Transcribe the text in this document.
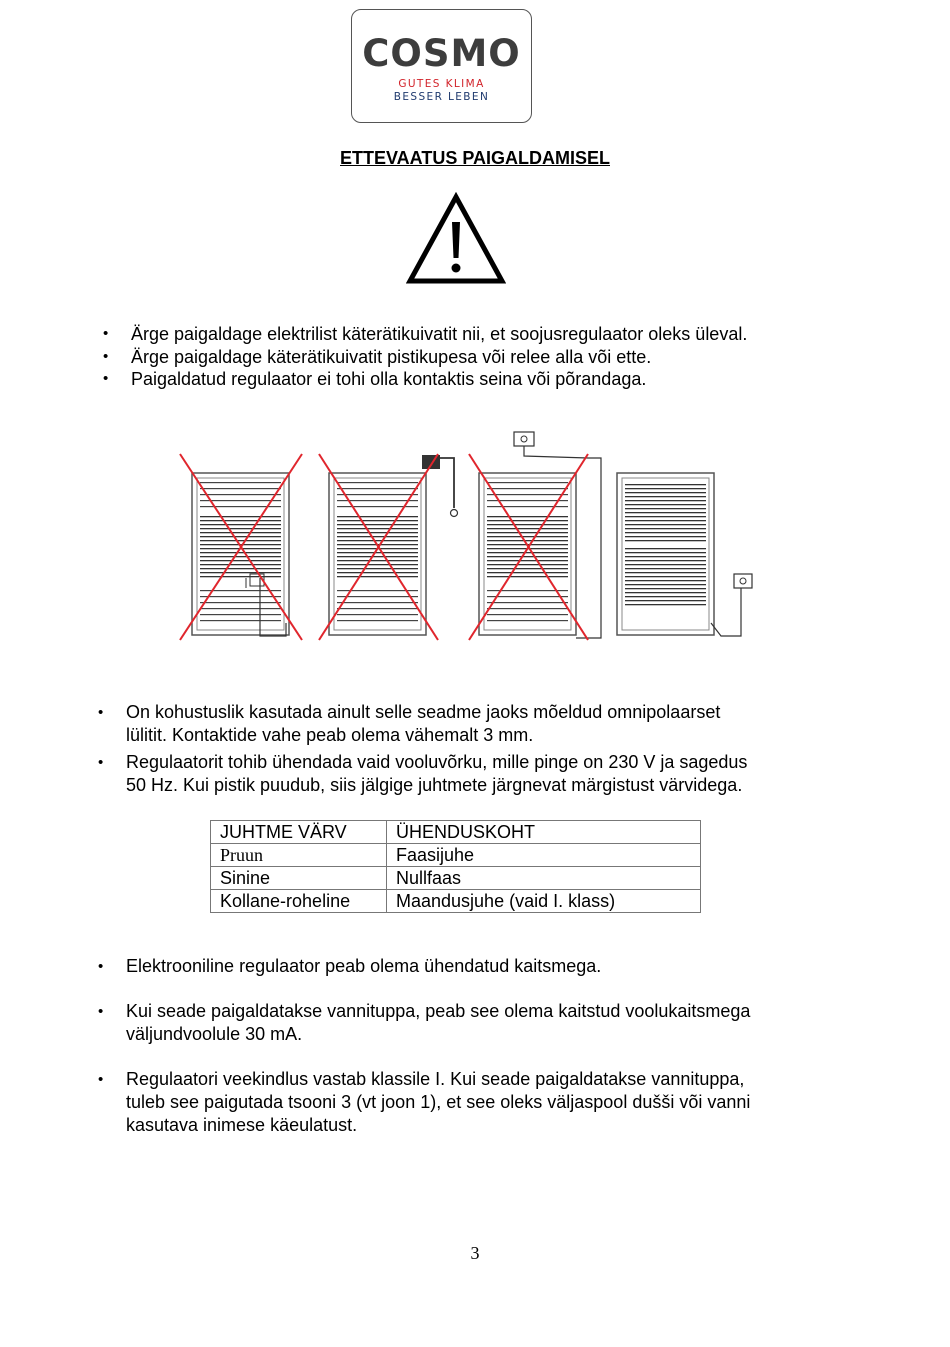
COSMO
GUTES KLIMA
BESSER LEBEN
ETTEVAATUS PAIGALDAMISEL
• Ärge paigaldage elektrilist käterätikuivatit nii, et soojusregulaator oleks üleval.
• Ärge paigaldage käterätikuivatit pistikupesa või relee alla või ette.
• Paigaldatud regulaator ei tohi olla kontaktis seina või põrandaga.
• On kohustuslik kasutada ainult selle seadme jaoks mõeldud omnipolaarset
lülitit. Kontaktide vahe peab olema vähemalt 3 mm.
• Regulaatorit tohib ühendada vaid vooluvõrku, mille pinge on 230 V ja sagedus
50 Hz. Kui pistik puudub, siis jälgige juhtmete järgnevat märgistust värvidega.
JUHTME VÄRV	ÜHENDUSKOHT
Pruun	Faasijuhe
Sinine	Nullfaas
Kollane-roheline	Maandusjuhe (vaid I. klass)
• Elektrooniline regulaator peab olema ühendatud kaitsmega.
• Kui seade paigaldatakse vannituppa, peab see olema kaitstud voolukaitsmega
väljundvoolule 30 mA.
• Regulaatori veekindlus vastab klassile I. Kui seade paigaldatakse vannituppa,
tuleb see paigutada tsooni 3 (vt joon 1), et see oleks väljaspool dušši või vanni
kasutava inimese käeulatust.
3
